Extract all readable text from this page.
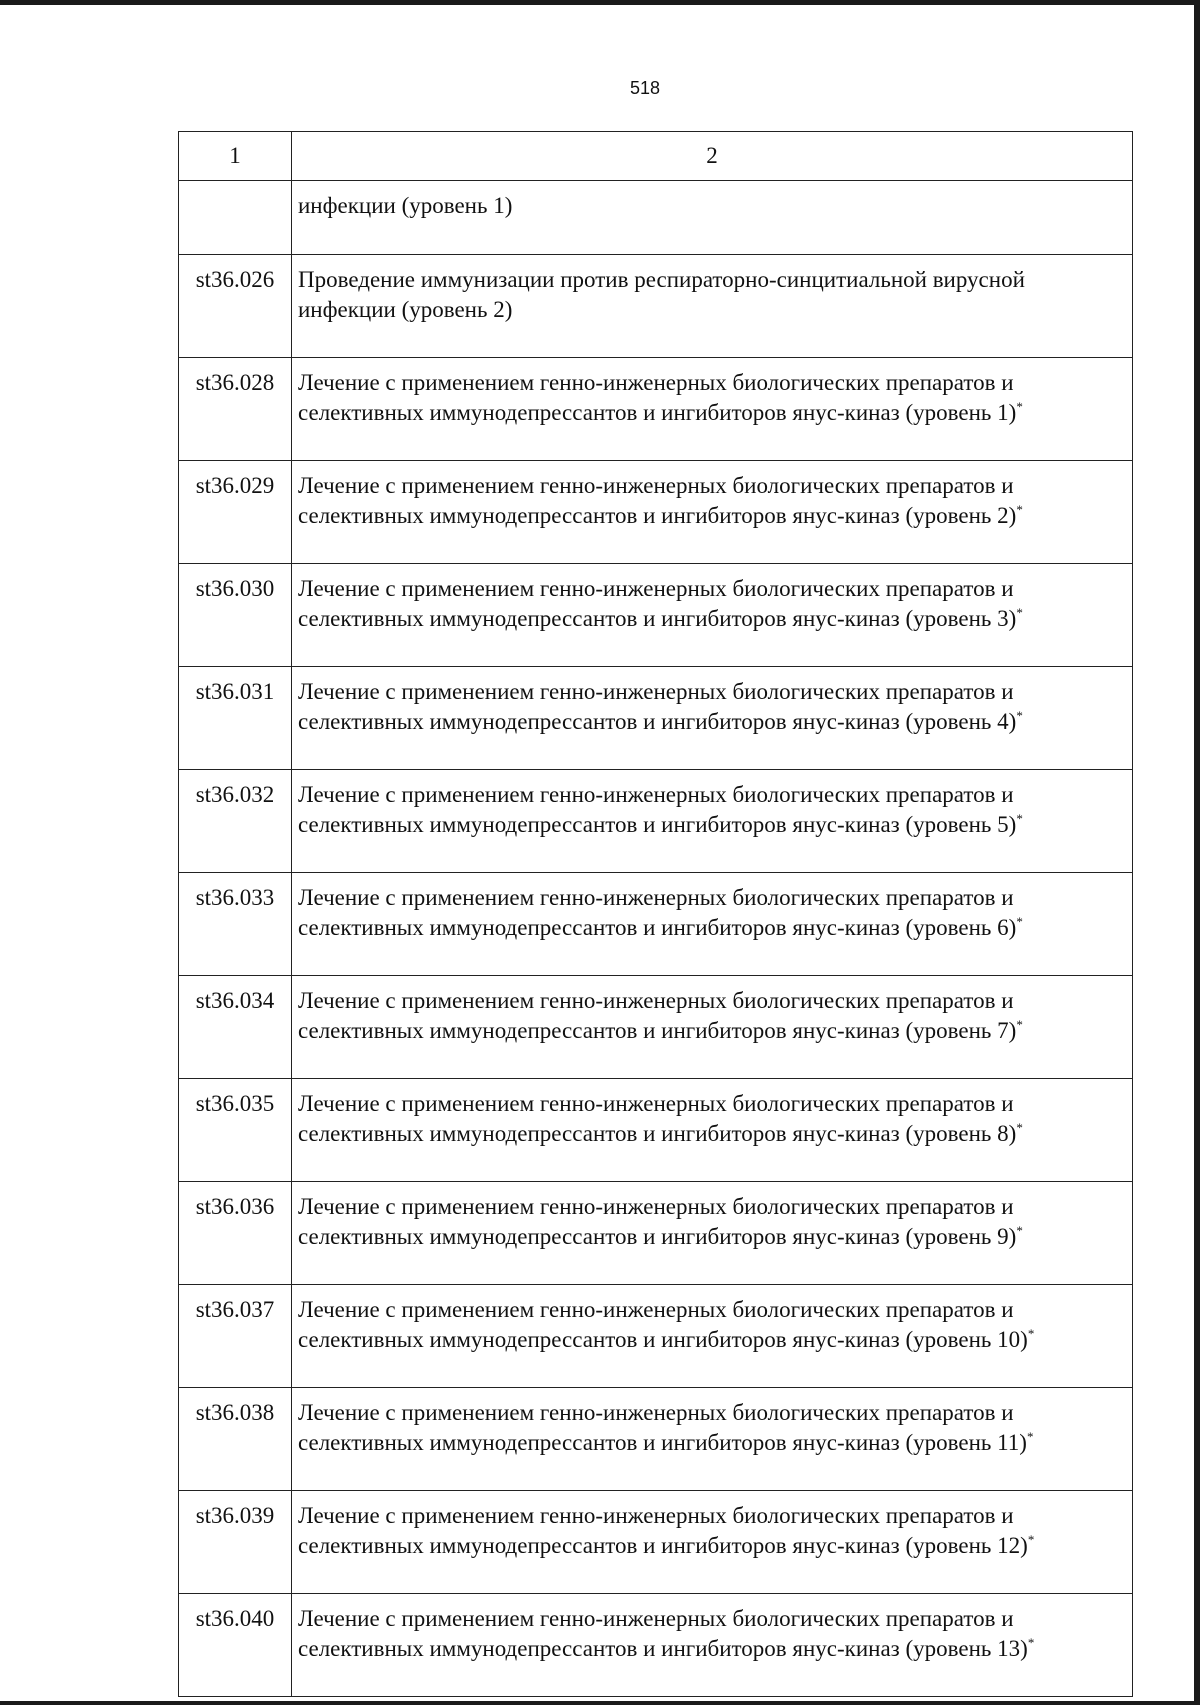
518
1	2
	инфекции (уровень 1)
st36.026	Проведение иммунизации против респираторно-синцитиальной вирусной
инфекции (уровень 2)

st36.028	Лечение с применением генно-инженерных биологических препаратов и
селективных иммунодепрессантов и ингибиторов янус-киназ (уровень 1)*

st36.029	Лечение с применением генно-инженерных биологических препаратов и
селективных иммунодепрессантов и ингибиторов янус-киназ (уровень 2)*

st36.030	Лечение с применением генно-инженерных биологических препаратов и
селективных иммунодепрессантов и ингибиторов янус-киназ (уровень 3)*

st36.031	Лечение с применением генно-инженерных биологических препаратов и
селективных иммунодепрессантов и ингибиторов янус-киназ (уровень 4)*

st36.032	Лечение с применением генно-инженерных биологических препаратов и
селективных иммунодепрессантов и ингибиторов янус-киназ (уровень 5)*

st36.033	Лечение с применением генно-инженерных биологических препаратов и
селективных иммунодепрессантов и ингибиторов янус-киназ (уровень 6)*

st36.034	Лечение с применением генно-инженерных биологических препаратов и
селективных иммунодепрессантов и ингибиторов янус-киназ (уровень 7)*

st36.035	Лечение с применением генно-инженерных биологических препаратов и
селективных иммунодепрессантов и ингибиторов янус-киназ (уровень 8)*

st36.036	Лечение с применением генно-инженерных биологических препаратов и
селективных иммунодепрессантов и ингибиторов янус-киназ (уровень 9)*

st36.037	Лечение с применением генно-инженерных биологических препаратов и
селективных иммунодепрессантов и ингибиторов янус-киназ (уровень 10)*

st36.038	Лечение с применением генно-инженерных биологических препаратов и
селективных иммунодепрессантов и ингибиторов янус-киназ (уровень 11)*

st36.039	Лечение с применением генно-инженерных биологических препаратов и
селективных иммунодепрессантов и ингибиторов янус-киназ (уровень 12)*

st36.040	Лечение с применением генно-инженерных биологических препаратов и
селективных иммунодепрессантов и ингибиторов янус-киназ (уровень 13)*
